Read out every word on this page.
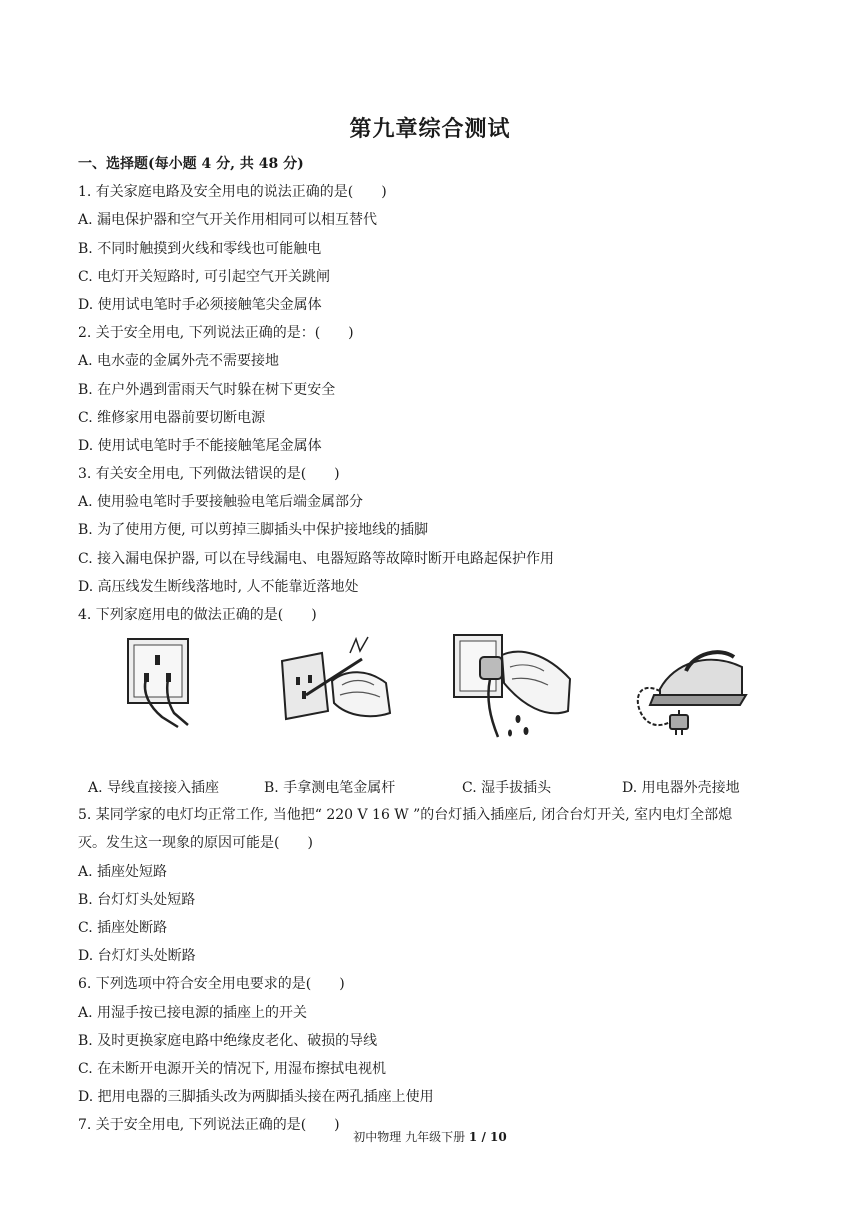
第九章综合测试
一、选择题(每小题 4 分, 共 48 分)
1. 有关家庭电路及安全用电的说法正确的是(　　)
A. 漏电保护器和空气开关作用相同可以相互替代
B. 不同时触摸到火线和零线也可能触电
C. 电灯开关短路时, 可引起空气开关跳闸
D. 使用试电笔时手必须接触笔尖金属体
2. 关于安全用电, 下列说法正确的是：(　　)
A. 电水壶的金属外壳不需要接地
B. 在户外遇到雷雨天气时躲在树下更安全
C. 维修家用电器前要切断电源
D. 使用试电笔时手不能接触笔尾金属体
3. 有关安全用电, 下列做法错误的是(　　)
A. 使用验电笔时手要接触验电笔后端金属部分
B. 为了使用方便, 可以剪掉三脚插头中保护接地线的插脚
C. 接入漏电保护器, 可以在导线漏电、电器短路等故障时断开电路起保护作用
D. 高压线发生断线落地时, 人不能靠近落地处
4. 下列家庭用电的做法正确的是(　　)
A. 导线直接接入插座	B. 手拿测电笔金属杆	C. 湿手拔插头	D. 用电器外壳接地
5. 某同学家的电灯均正常工作, 当他把“ 220 V 16 W ”的台灯插入插座后, 闭合台灯开关, 室内电灯全部熄
灭。发生这一现象的原因可能是(　　)
A. 插座处短路
B. 台灯灯头处短路
C. 插座处断路
D. 台灯灯头处断路
6. 下列选项中符合安全用电要求的是(　　)
A. 用湿手按已接电源的插座上的开关
B. 及时更换家庭电路中绝缘皮老化、破损的导线
C. 在未断开电源开关的情况下, 用湿布擦拭电视机
D. 把用电器的三脚插头改为两脚插头接在两孔插座上使用
7. 关于安全用电, 下列说法正确的是(　　)
初中物理 九年级下册 1 / 10
